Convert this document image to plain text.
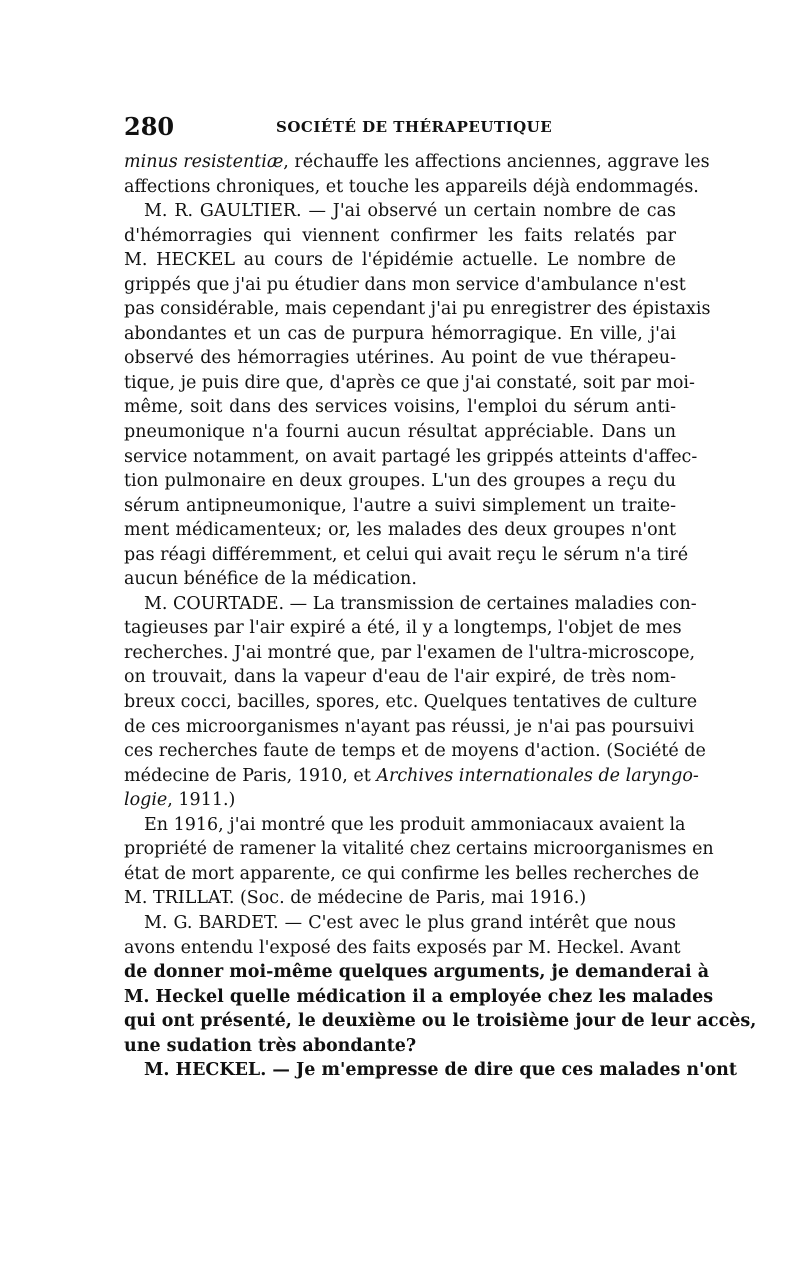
280	SOCIÉTÉ DE THÉRAPEUTIQUE
minus resistentiæ, réchauffe les affections anciennes, aggrave les
affections chroniques, et touche les appareils déjà endommagés.
M. R. GAULTIER. — J'ai observé un certain nombre de cas
d'hémorragies qui viennent confirmer les faits relatés par
M. HECKEL au cours de l'épidémie actuelle. Le nombre de
grippés que j'ai pu étudier dans mon service d'ambulance n'est
pas considérable, mais cependant j'ai pu enregistrer des épistaxis
abondantes et un cas de purpura hémorragique. En ville, j'ai
observé des hémorragies utérines. Au point de vue thérapeu-
tique, je puis dire que, d'après ce que j'ai constaté, soit par moi-
même, soit dans des services voisins, l'emploi du sérum anti-
pneumonique n'a fourni aucun résultat appréciable. Dans un
service notamment, on avait partagé les grippés atteints d'affec-
tion pulmonaire en deux groupes. L'un des groupes a reçu du
sérum antipneumonique, l'autre a suivi simplement un traite-
ment médicamenteux; or, les malades des deux groupes n'ont
pas réagi différemment, et celui qui avait reçu le sérum n'a tiré
aucun bénéfice de la médication.
M. COURTADE. — La transmission de certaines maladies con-
tagieuses par l'air expiré a été, il y a longtemps, l'objet de mes
recherches. J'ai montré que, par l'examen de l'ultra-microscope,
on trouvait, dans la vapeur d'eau de l'air expiré, de très nom-
breux cocci, bacilles, spores, etc. Quelques tentatives de culture
de ces microorganismes n'ayant pas réussi, je n'ai pas poursuivi
ces recherches faute de temps et de moyens d'action. (Société de
médecine de Paris, 1910, et Archives internationales de laryngo-
logie, 1911.)
En 1916, j'ai montré que les produit ammoniacaux avaient la
propriété de ramener la vitalité chez certains microorganismes en
état de mort apparente, ce qui confirme les belles recherches de
M. TRILLAT. (Soc. de médecine de Paris, mai 1916.)
M. G. BARDET. — C'est avec le plus grand intérêt que nous
avons entendu l'exposé des faits exposés par M. Heckel. Avant
de donner moi-même quelques arguments, je demanderai à
M. Heckel quelle médication il a employée chez les malades
qui ont présenté, le deuxième ou le troisième jour de leur accès,
une sudation très abondante?
M. HECKEL. — Je m'empresse de dire que ces malades n'ont
